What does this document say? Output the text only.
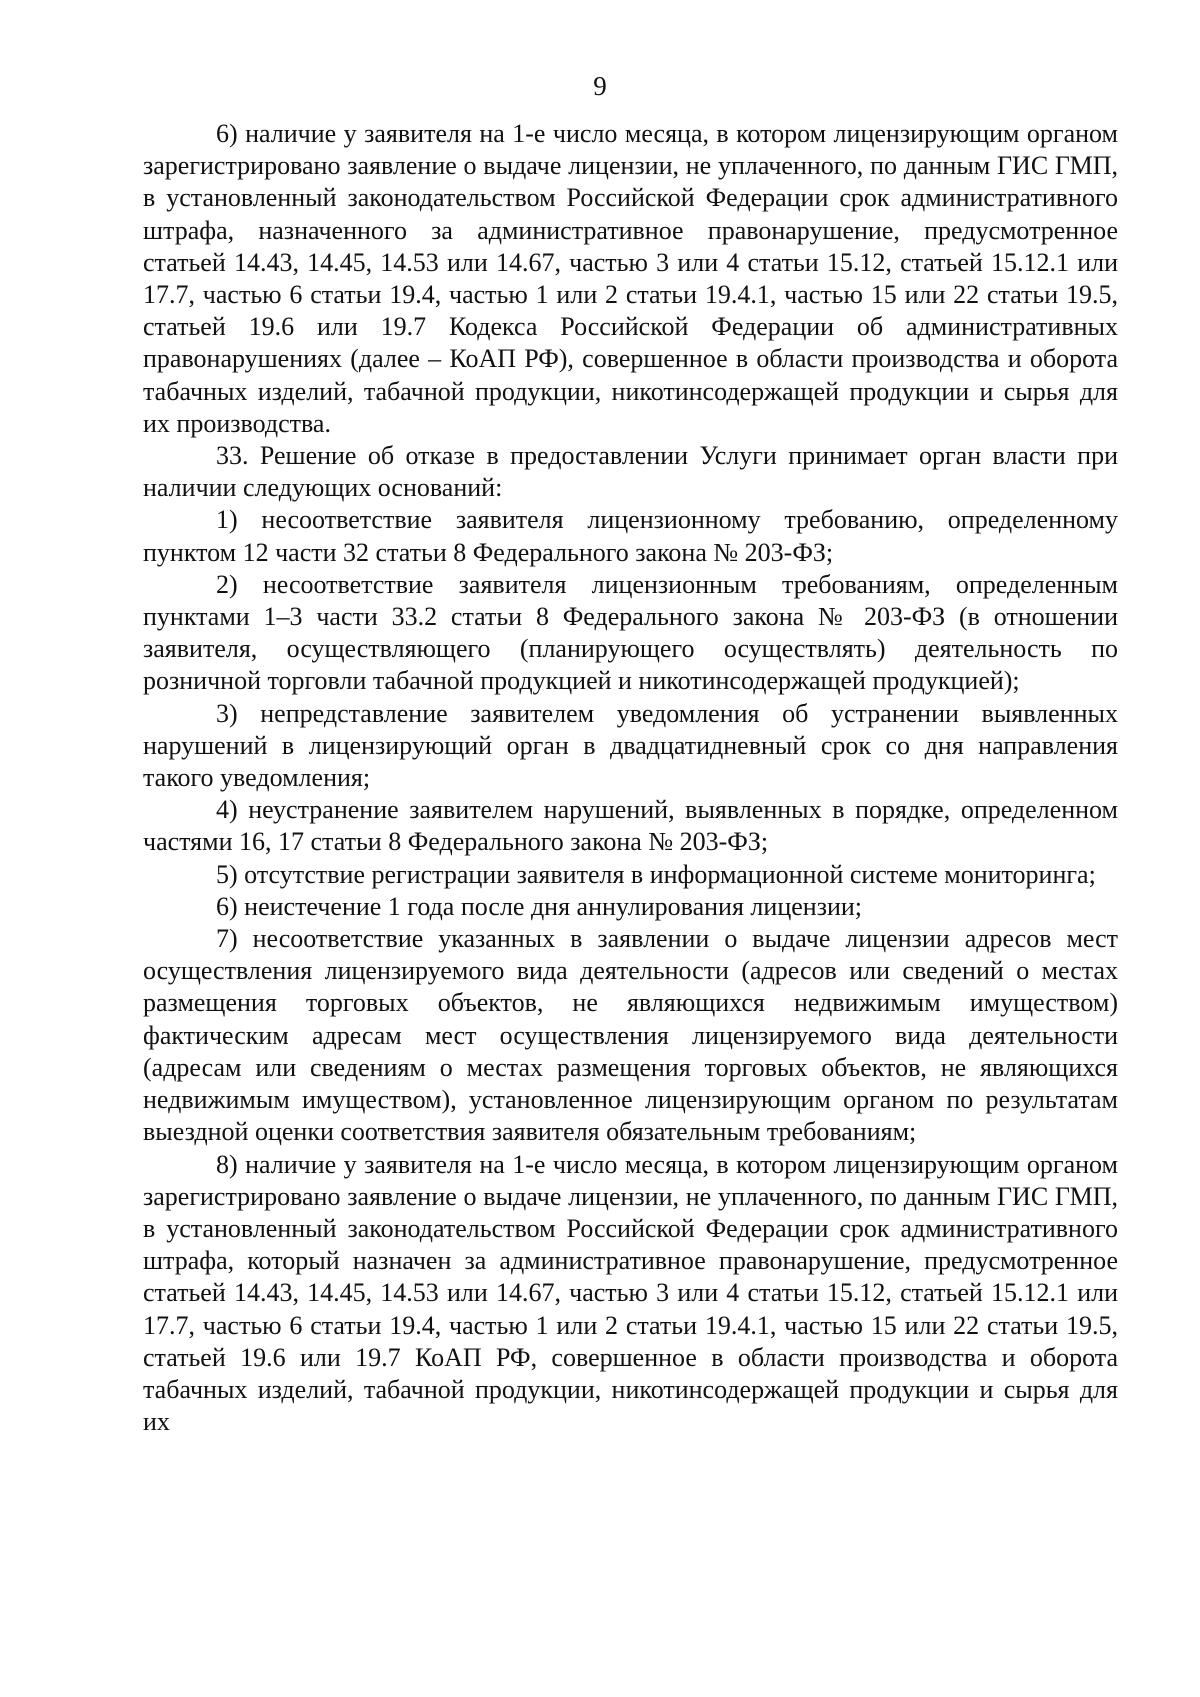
9

6) наличие у заявителя на 1-е число месяца, в котором лицензирующим органом зарегистрировано заявление о выдаче лицензии, не уплаченного, по данным ГИС ГМП, в установленный законодательством Российской Федерации срок административного штрафа, назначенного за административное правонарушение, предусмотренное статьей 14.43, 14.45, 14.53 или 14.67, частью 3 или 4 статьи 15.12, статьей 15.12.1 или 17.7, частью 6 статьи 19.4, частью 1 или 2 статьи 19.4.1, частью 15 или 22 статьи 19.5, статьей 19.6 или 19.7 Кодекса Российской Федерации об административных правонарушениях (далее – КоАП РФ), совершенное в области производства и оборота табачных изделий, табачной продукции, никотинсодержащей продукции и сырья для их производства.

33. Решение об отказе в предоставлении Услуги принимает орган власти при наличии следующих оснований:

1) несоответствие заявителя лицензионному требованию, определенному пунктом 12 части 32 статьи 8 Федерального закона № 203-ФЗ;

2) несоответствие заявителя лицензионным требованиям, определенным пунктами 1–3 части 33.2 статьи 8 Федерального закона № 203-ФЗ (в отношении заявителя, осуществляющего (планирующего осуществлять) деятельность по розничной торговли табачной продукцией и никотинсодержащей продукцией);

3) непредставление заявителем уведомления об устранении выявленных нарушений в лицензирующий орган в двадцатидневный срок со дня направления такого уведомления;

4) неустранение заявителем нарушений, выявленных в порядке, определенном частями 16, 17 статьи 8 Федерального закона № 203-ФЗ;

5) отсутствие регистрации заявителя в информационной системе мониторинга;

6) неистечение 1 года после дня аннулирования лицензии;

7) несоответствие указанных в заявлении о выдаче лицензии адресов мест осуществления лицензируемого вида деятельности (адресов или сведений о местах размещения торговых объектов, не являющихся недвижимым имуществом) фактическим адресам мест осуществления лицензируемого вида деятельности (адресам или сведениям о местах размещения торговых объектов, не являющихся недвижимым имуществом), установленное лицензирующим органом по результатам выездной оценки соответствия заявителя обязательным требованиям;

8) наличие у заявителя на 1-е число месяца, в котором лицензирующим органом зарегистрировано заявление о выдаче лицензии, не уплаченного, по данным ГИС ГМП, в установленный законодательством Российской Федерации срок административного штрафа, который назначен за административное правонарушение, предусмотренное статьей 14.43, 14.45, 14.53 или 14.67, частью 3 или 4 статьи 15.12, статьей 15.12.1 или 17.7, частью 6 статьи 19.4, частью 1 или 2 статьи 19.4.1, частью 15 или 22 статьи 19.5, статьей 19.6 или 19.7 КоАП РФ, совершенное в области производства и оборота табачных изделий, табачной продукции, никотинсодержащей продукции и сырья для их
